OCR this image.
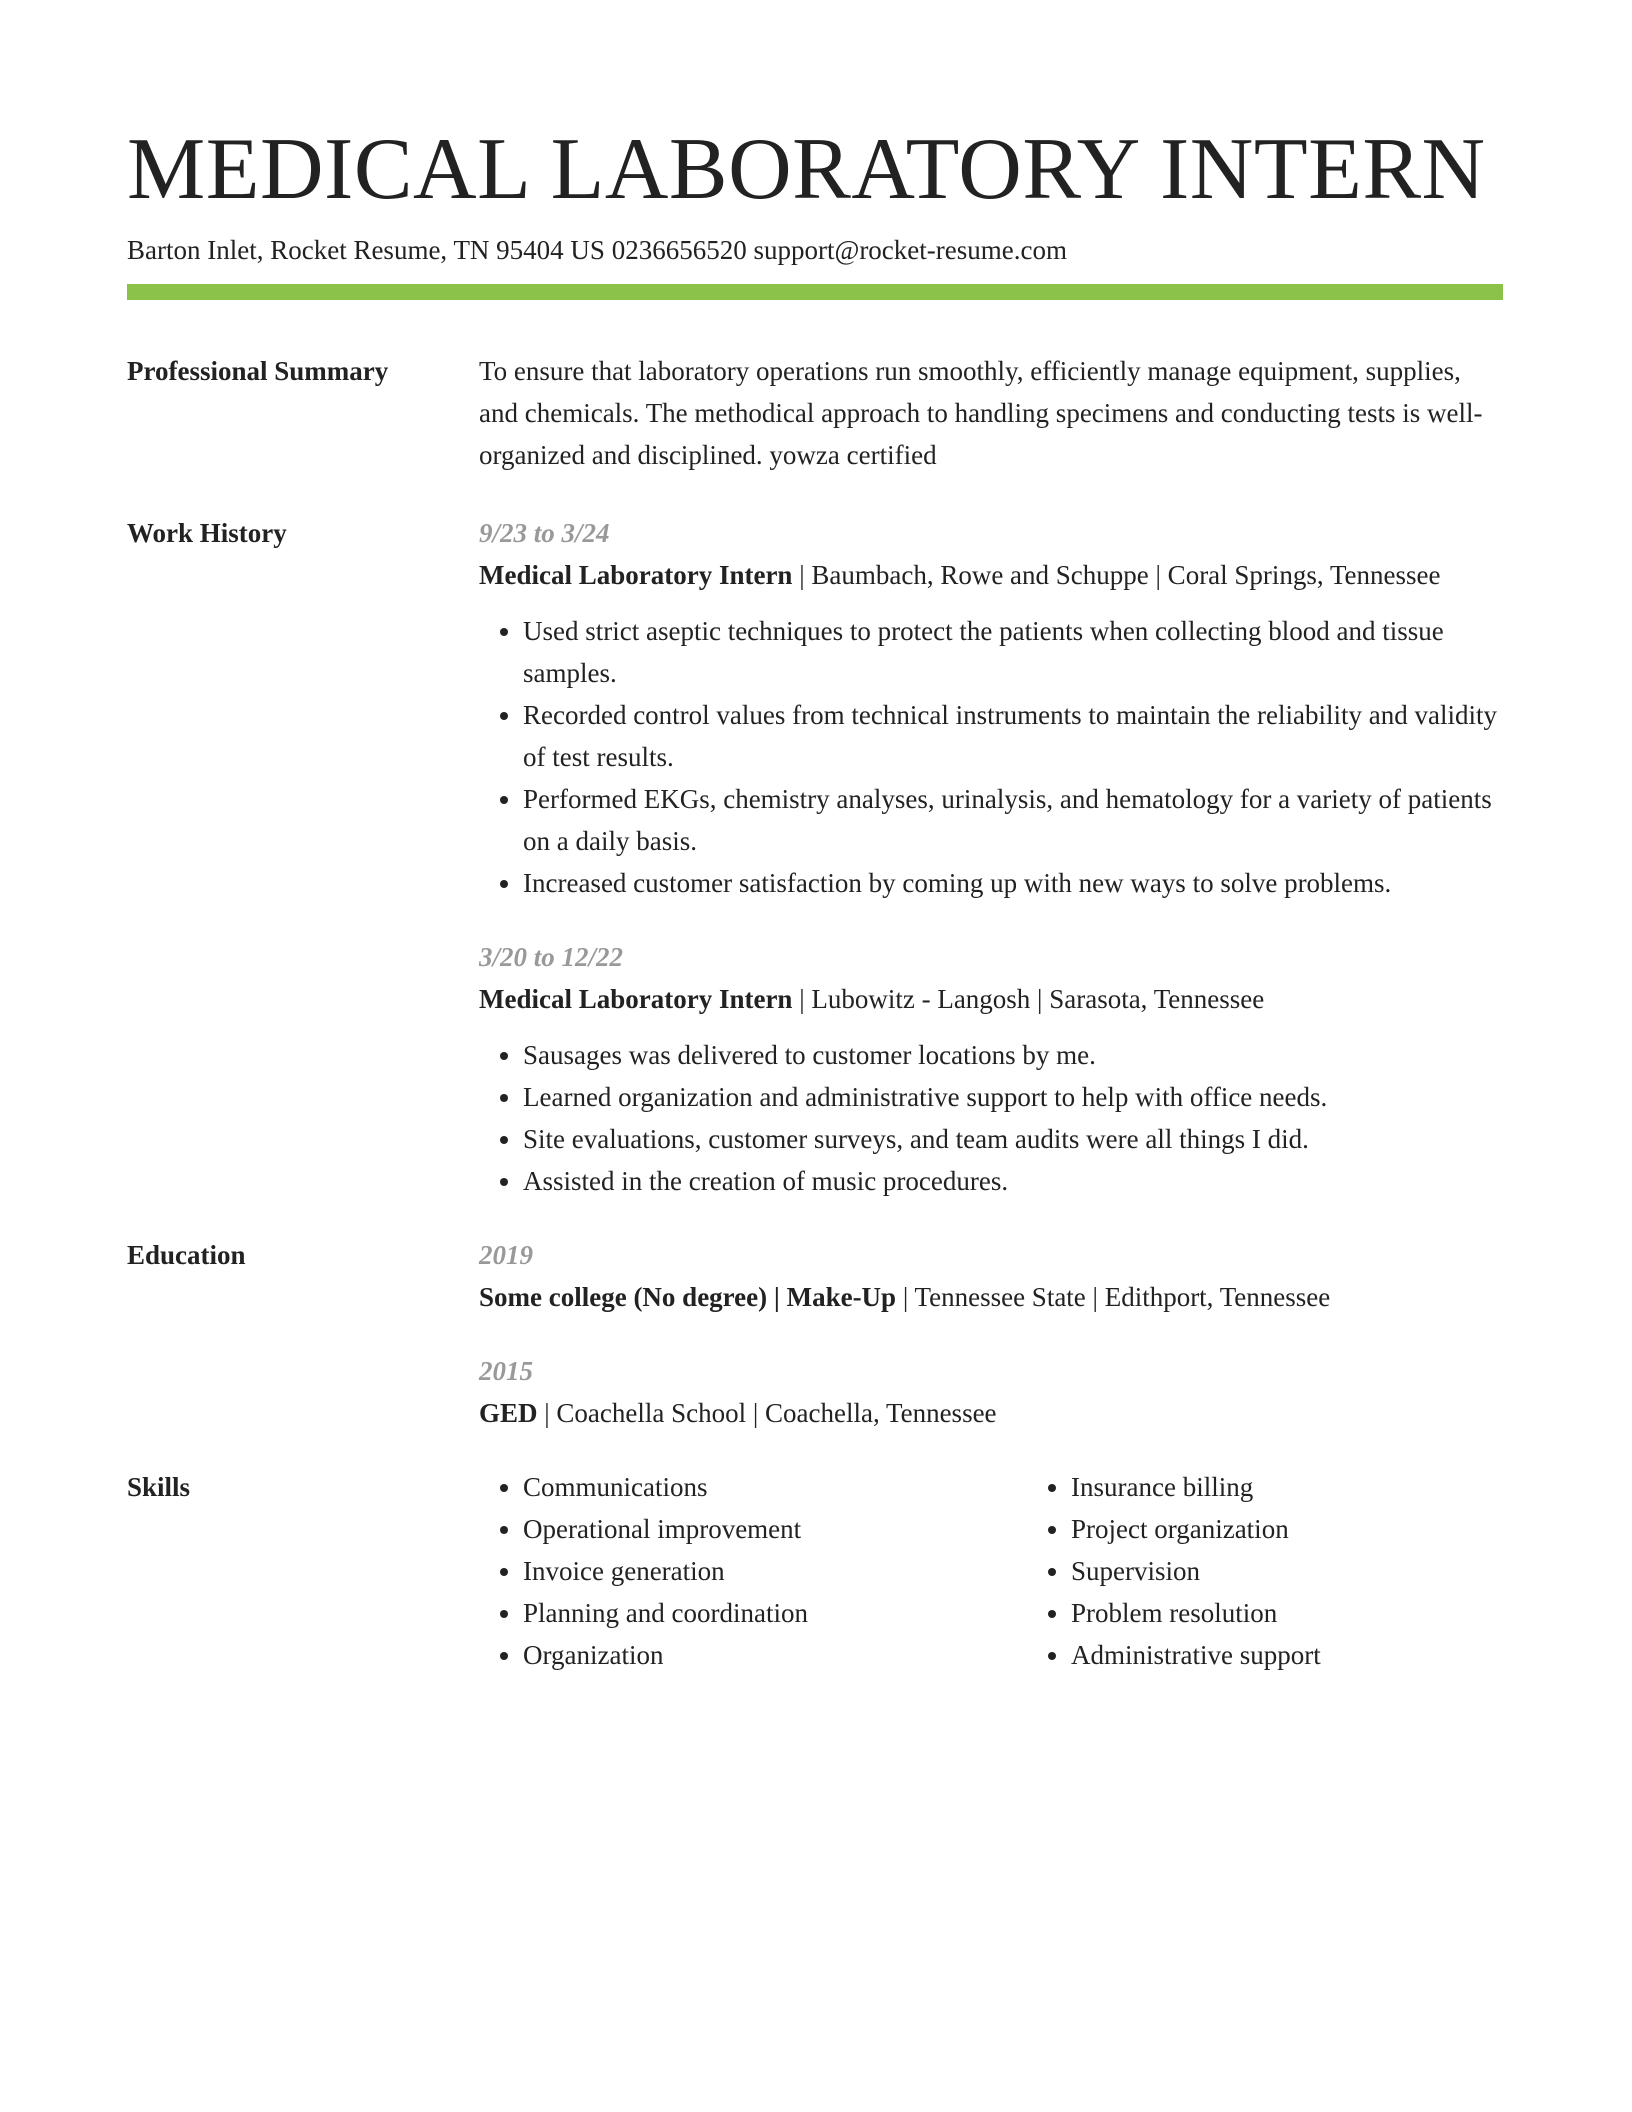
MEDICAL LABORATORY INTERN
Barton Inlet, Rocket Resume, TN 95404 US 0236656520 support@rocket-resume.com
Professional Summary	To ensure that laboratory operations run smoothly, efficiently manage equipment, supplies, and chemicals. The methodical approach to handling specimens and conducting tests is well-organized and disciplined. yowza certified
Work History	9/23 to 3/24
Medical Laboratory Intern | Baumbach, Rowe and Schuppe | Coral Springs, Tennessee
• Used strict aseptic techniques to protect the patients when collecting blood and tissue samples.
• Recorded control values from technical instruments to maintain the reliability and validity of test results.
• Performed EKGs, chemistry analyses, urinalysis, and hematology for a variety of patients on a daily basis.
• Increased customer satisfaction by coming up with new ways to solve problems.
3/20 to 12/22
Medical Laboratory Intern | Lubowitz - Langosh | Sarasota, Tennessee
• Sausages was delivered to customer locations by me.
• Learned organization and administrative support to help with office needs.
• Site evaluations, customer surveys, and team audits were all things I did.
• Assisted in the creation of music procedures.
Education	2019
Some college (No degree) | Make-Up | Tennessee State | Edithport, Tennessee
2015
GED | Coachella School | Coachella, Tennessee
Skills
•	Communications
• Operational improvement
• Invoice generation
• Planning and coordination
• Organization
• Insurance billing
• Project organization
• Supervision
• Problem resolution
• Administrative support
